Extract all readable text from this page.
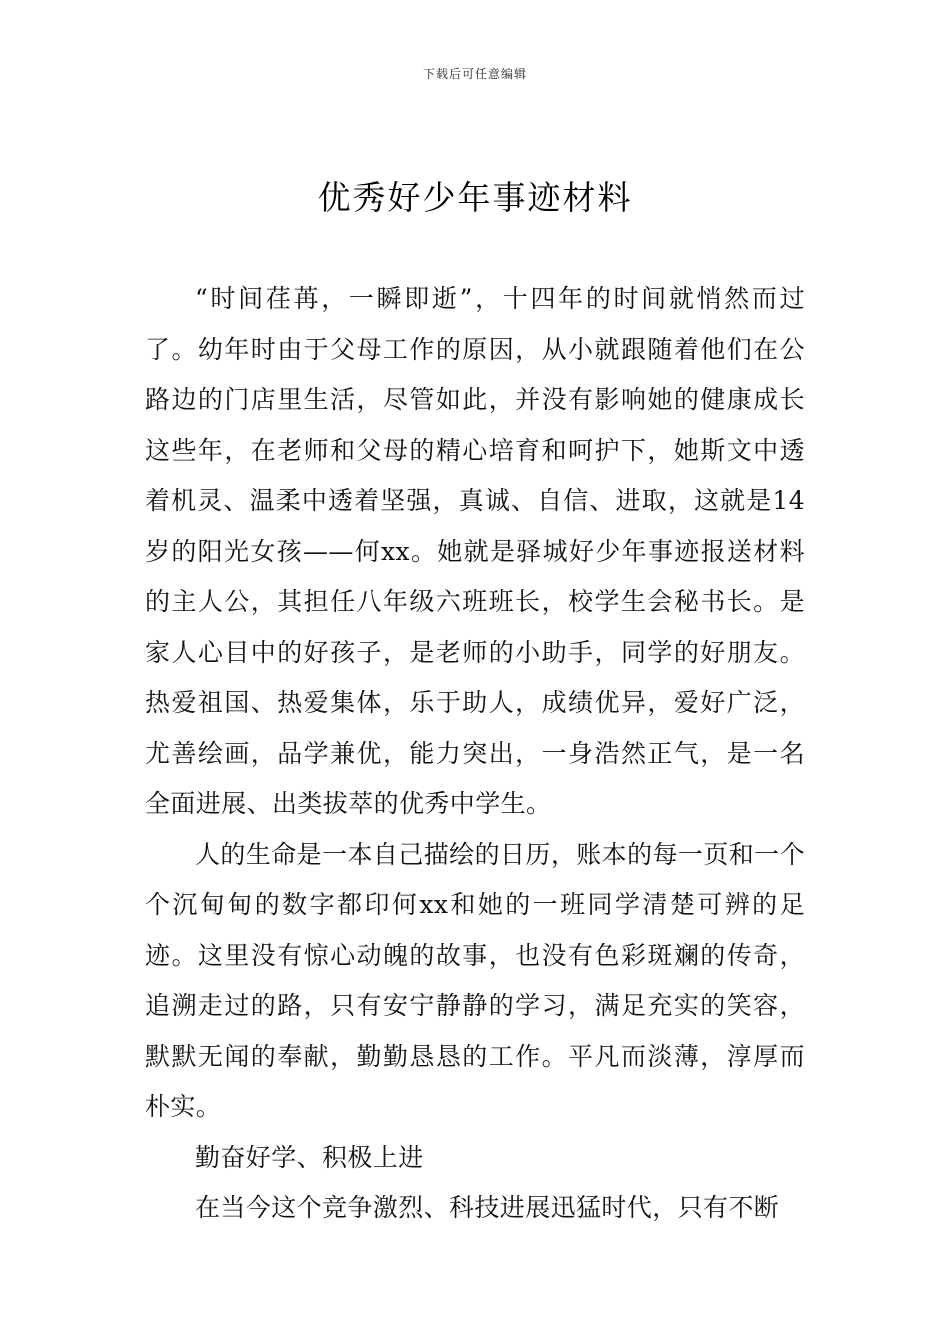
下载后可任意编辑
优秀好少年事迹材料

“时间荏苒，一瞬即逝”，十四年的时间就悄然而过了。幼年时由于父母工作的原因，从小就跟随着他们在公路边的门店里生活，尽管如此，并没有影响她的健康成长这些年，在老师和父母的精心培育和呵护下，她斯文中透着机灵、温柔中透着坚强，真诚、自信、进取，这就是14岁的阳光女孩——何xx。她就是驿城好少年事迹报送材料的主人公，其担任八年级六班班长，校学生会秘书长。是家人心目中的好孩子，是老师的小助手，同学的好朋友。热爱祖国、热爱集体，乐于助人，成绩优异，爱好广泛，尤善绘画，品学兼优，能力突出，一身浩然正气，是一名全面进展、出类拔萃的优秀中学生。

人的生命是一本自己描绘的日历，账本的每一页和一个个沉甸甸的数字都印何xx和她的一班同学清楚可辨的足迹。这里没有惊心动魄的故事，也没有色彩斑斓的传奇，追溯走过的路，只有安宁静静的学习，满足充实的笑容，默默无闻的奉献，勤勤恳恳的工作。平凡而淡薄，淳厚而朴实。

勤奋好学、积极上进

在当今这个竞争激烈、科技进展迅猛时代，只有不断
